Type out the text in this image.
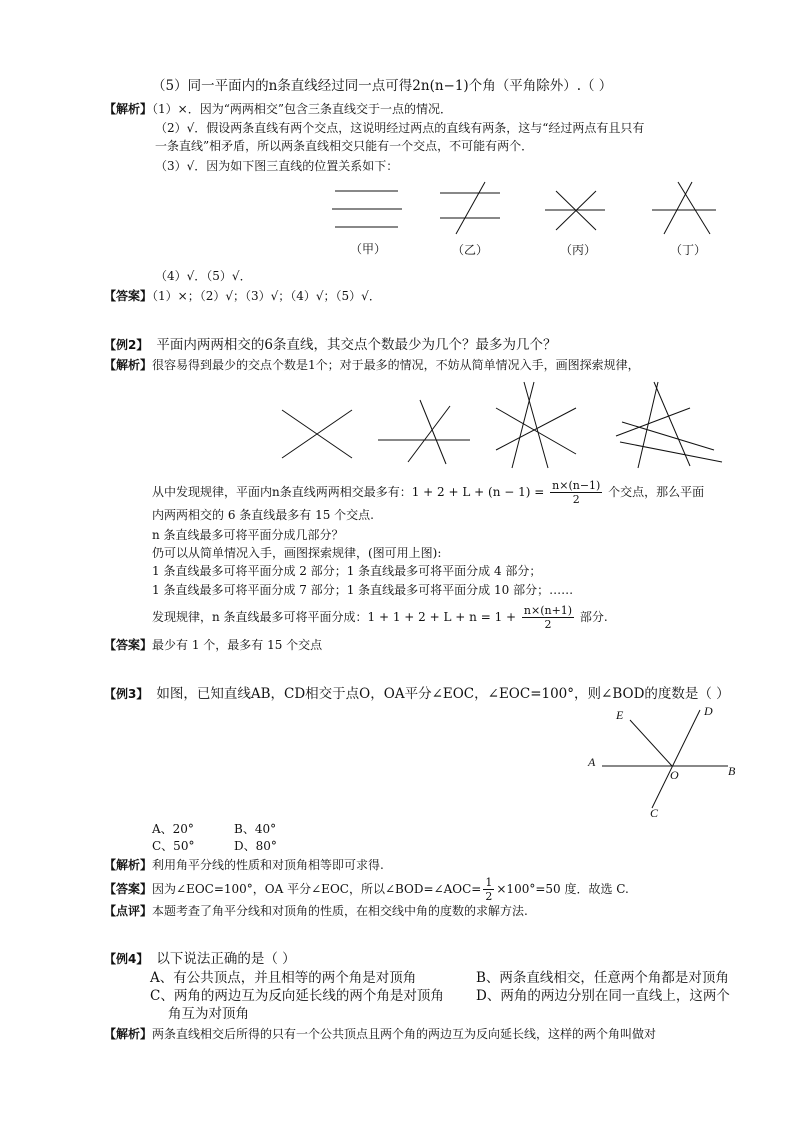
（5）同一平面内的n条直线经过同一点可得2n(n−1)个角（平角除外）.（ ）
【解析】（1）×．因为“两两相交”包含三条直线交于一点的情况．
（2）√．假设两条直线有两个交点，这说明经过两点的直线有两条，这与“经过两点有且只有
一条直线”相矛盾，所以两条直线相交只能有一个交点，不可能有两个．
（3）√．因为如下图三直线的位置关系如下：
（甲）	（乙）	（丙）	（丁）
（4）√．（5）√．
【答案】（1）×；（2）√；（3）√；（4）√；（5）√．
【例2】 平面内两两相交的6条直线，其交点个数最少为几个？最多为几个？
【解析】很容易得到最少的交点个数是1个；对于最多的情况，不妨从简单情况入手，画图探索规律，
从中发现规律，平面内n条直线两两相交最多有：$1 + 2 + L + (n - 1) = \frac{n\times(n-1)}{2}$ 个交点，那么平面
内两两相交的 6 条直线最多有 15 个交点.
n 条直线最多可将平面分成几部分？
仍可以从简单情况入手，画图探索规律，(图可用上图):
1 条直线最多可将平面分成 2 部分；1 条直线最多可将平面分成 4 部分；
1 条直线最多可将平面分成 7 部分；1 条直线最多可将平面分成 10 部分；……
发现规律，n 条直线最多可将平面分成：$1 + 1 + 2 + L + n = 1 + \frac{n\times(n+1)}{2}$ 部分.
【答案】最少有 1 个，最多有 15 个交点
【例3】 如图，已知直线AB，CD相交于点O，OA平分∠EOC，∠EOC=100°，则∠BOD的度数是（ ）
E	D
A
O	B
C
A、20°	B、40°
C、50°	D、80°
【解析】利用角平分线的性质和对顶角相等即可求得.
【答案】因为∠EOC=100°，OA 平分∠EOC，所以∠BOD=∠AOC= $\frac{1}{2} \times 100^\circ=50$ 度．故选 C.
【点评】本题考查了角平分线和对顶角的性质，在相交线中角的度数的求解方法.
【例4】 以下说法正确的是（ ）
A、有公共顶点，并且相等的两个角是对顶角	B、两条直线相交，任意两个角都是对顶角
C、两角的两边互为反向延长线的两个角是对顶角 D、两角的两边分别在同一直线上，这两个
角互为对顶角
【解析】两条直线相交后所得的只有一个公共顶点且两个角的两边互为反向延长线，这样的两个角叫做对
